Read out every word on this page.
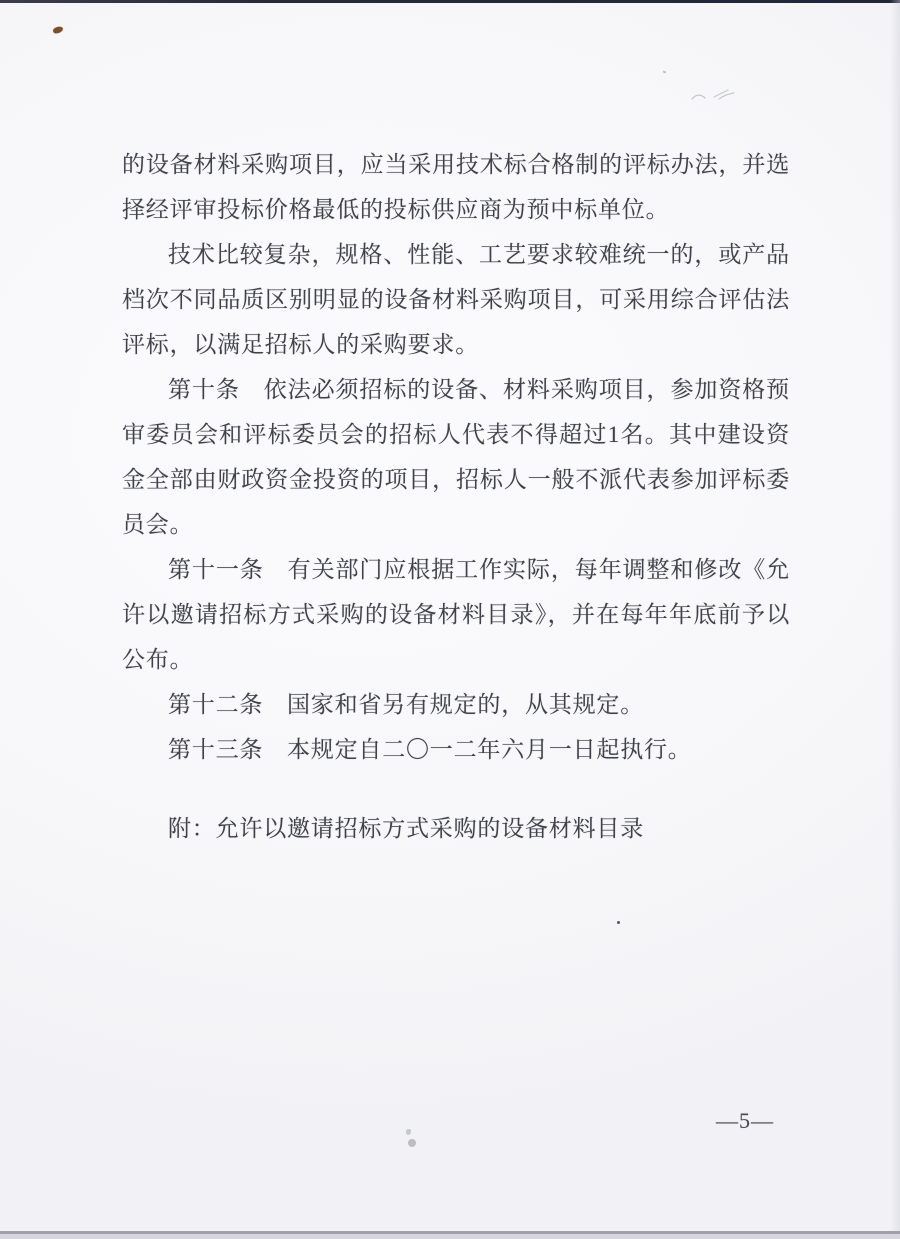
的设备材料采购项目，应当采用技术标合格制的评标办法，并选择经评审投标价格最低的投标供应商为预中标单位。

技术比较复杂，规格、性能、工艺要求较难统一的，或产品档次不同品质区别明显的设备材料采购项目，可采用综合评估法评标，以满足招标人的采购要求。

第十条　依法必须招标的设备、材料采购项目，参加资格预审委员会和评标委员会的招标人代表不得超过1名。其中建设资金全部由财政资金投资的项目，招标人一般不派代表参加评标委员会。

第十一条　有关部门应根据工作实际，每年调整和修改《允许以邀请招标方式采购的设备材料目录》，并在每年年底前予以公布。

第十二条　国家和省另有规定的，从其规定。

第十三条　本规定自二〇一二年六月一日起执行。

附：允许以邀请招标方式采购的设备材料目录

—5—
